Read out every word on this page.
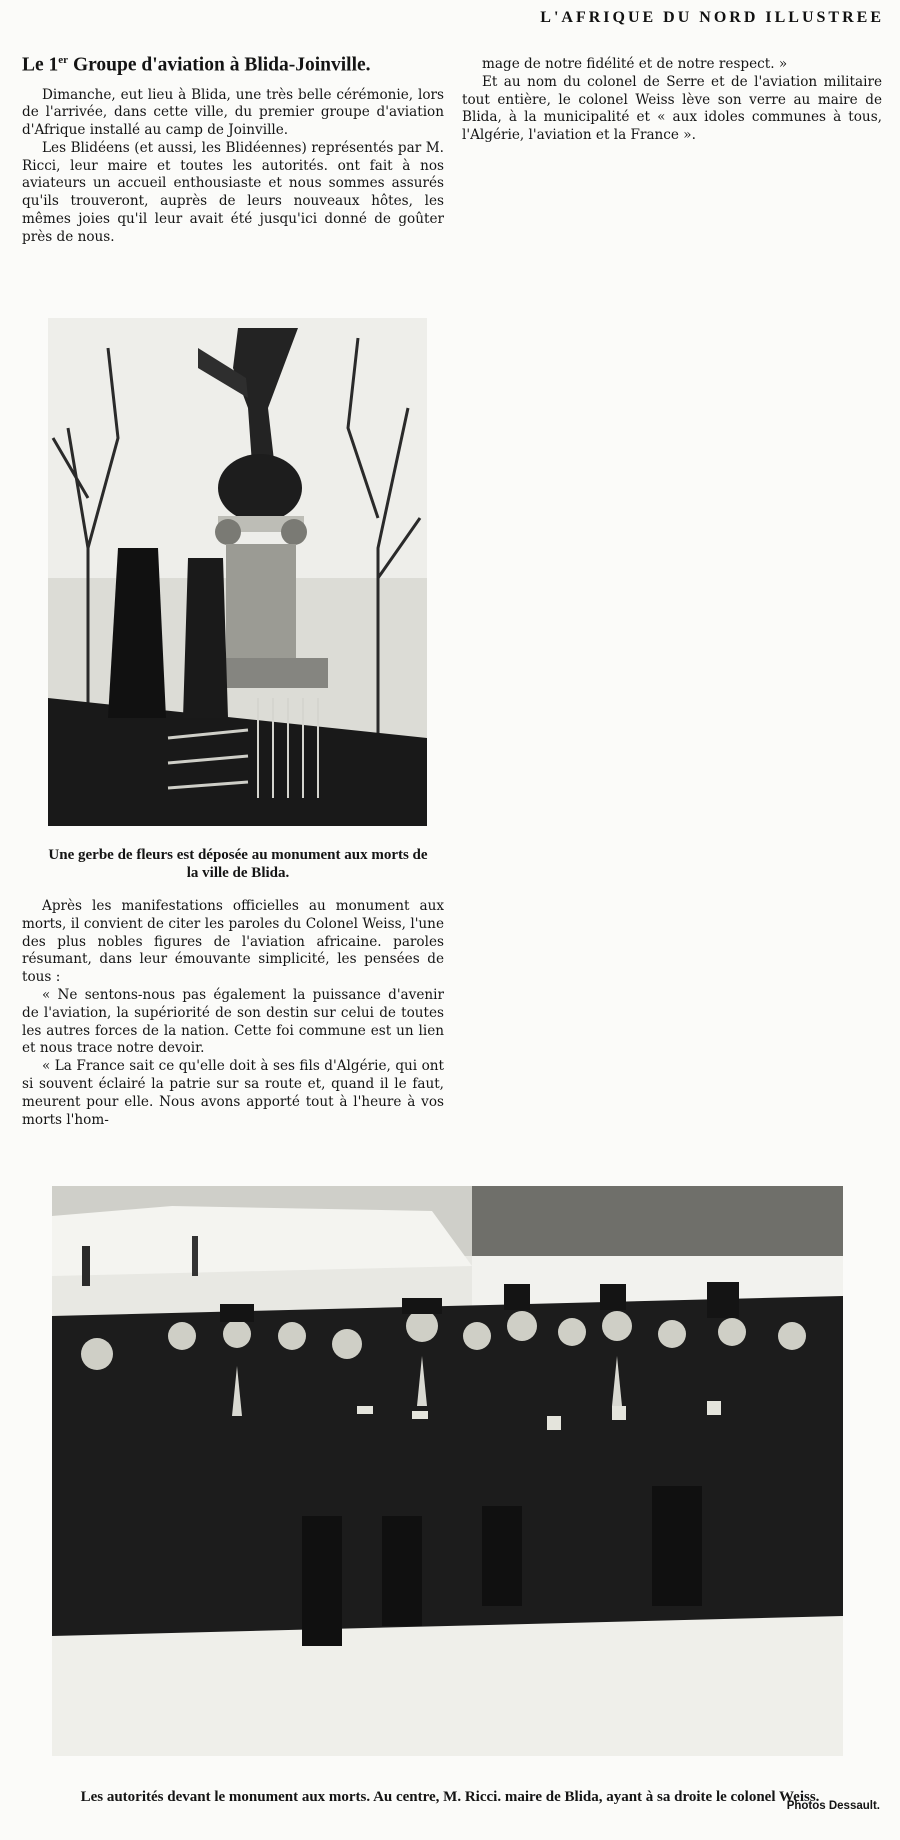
L'AFRIQUE DU NORD ILLUSTREE
Le 1er Groupe d'aviation à Blida-Joinville.

Dimanche, eut lieu à Blida, une très belle cérémonie, lors de l'arrivée, dans cette ville, du premier groupe d'aviation d'Afrique installé au camp de Joinville.

Les Blidéens (et aussi, les Blidéennes) représentés par M. Ricci, leur maire et toutes les autorités. ont fait à nos aviateurs un accueil enthousiaste et nous sommes assurés qu'ils trouveront, auprès de leurs nouveaux hôtes, les mêmes joies qu'il leur avait été jusqu'ici donné de goûter près de nous.

mage de notre fidélité et de notre respect. »

Et au nom du colonel de Serre et de l'aviation militaire tout entière, le colonel Weiss lève son verre au maire de Blida, à la municipalité et « aux idoles communes à tous, l'Algérie, l'aviation et la France ».

Une gerbe de fleurs est déposée au monument aux morts de la ville de Blida.

Après les manifestations officielles au monument aux morts, il convient de citer les paroles du Colonel Weiss, l'une des plus nobles figures de l'aviation africaine. paroles résumant, dans leur émouvante simplicité, les pensées de tous :

« Ne sentons-nous pas également la puissance d'avenir de l'aviation, la supériorité de son destin sur celui de toutes les autres forces de la nation. Cette foi commune est un lien et nous trace notre devoir.

« La France sait ce qu'elle doit à ses fils d'Algérie, qui ont si souvent éclairé la patrie sur sa route et, quand il le faut, meurent pour elle. Nous avons apporté tout à l'heure à vos morts l'hom-

Les autorités devant le monument aux morts. Au centre, M. Ricci. maire de Blida, ayant à sa droite le colonel Weiss.
Photos Dessault.
